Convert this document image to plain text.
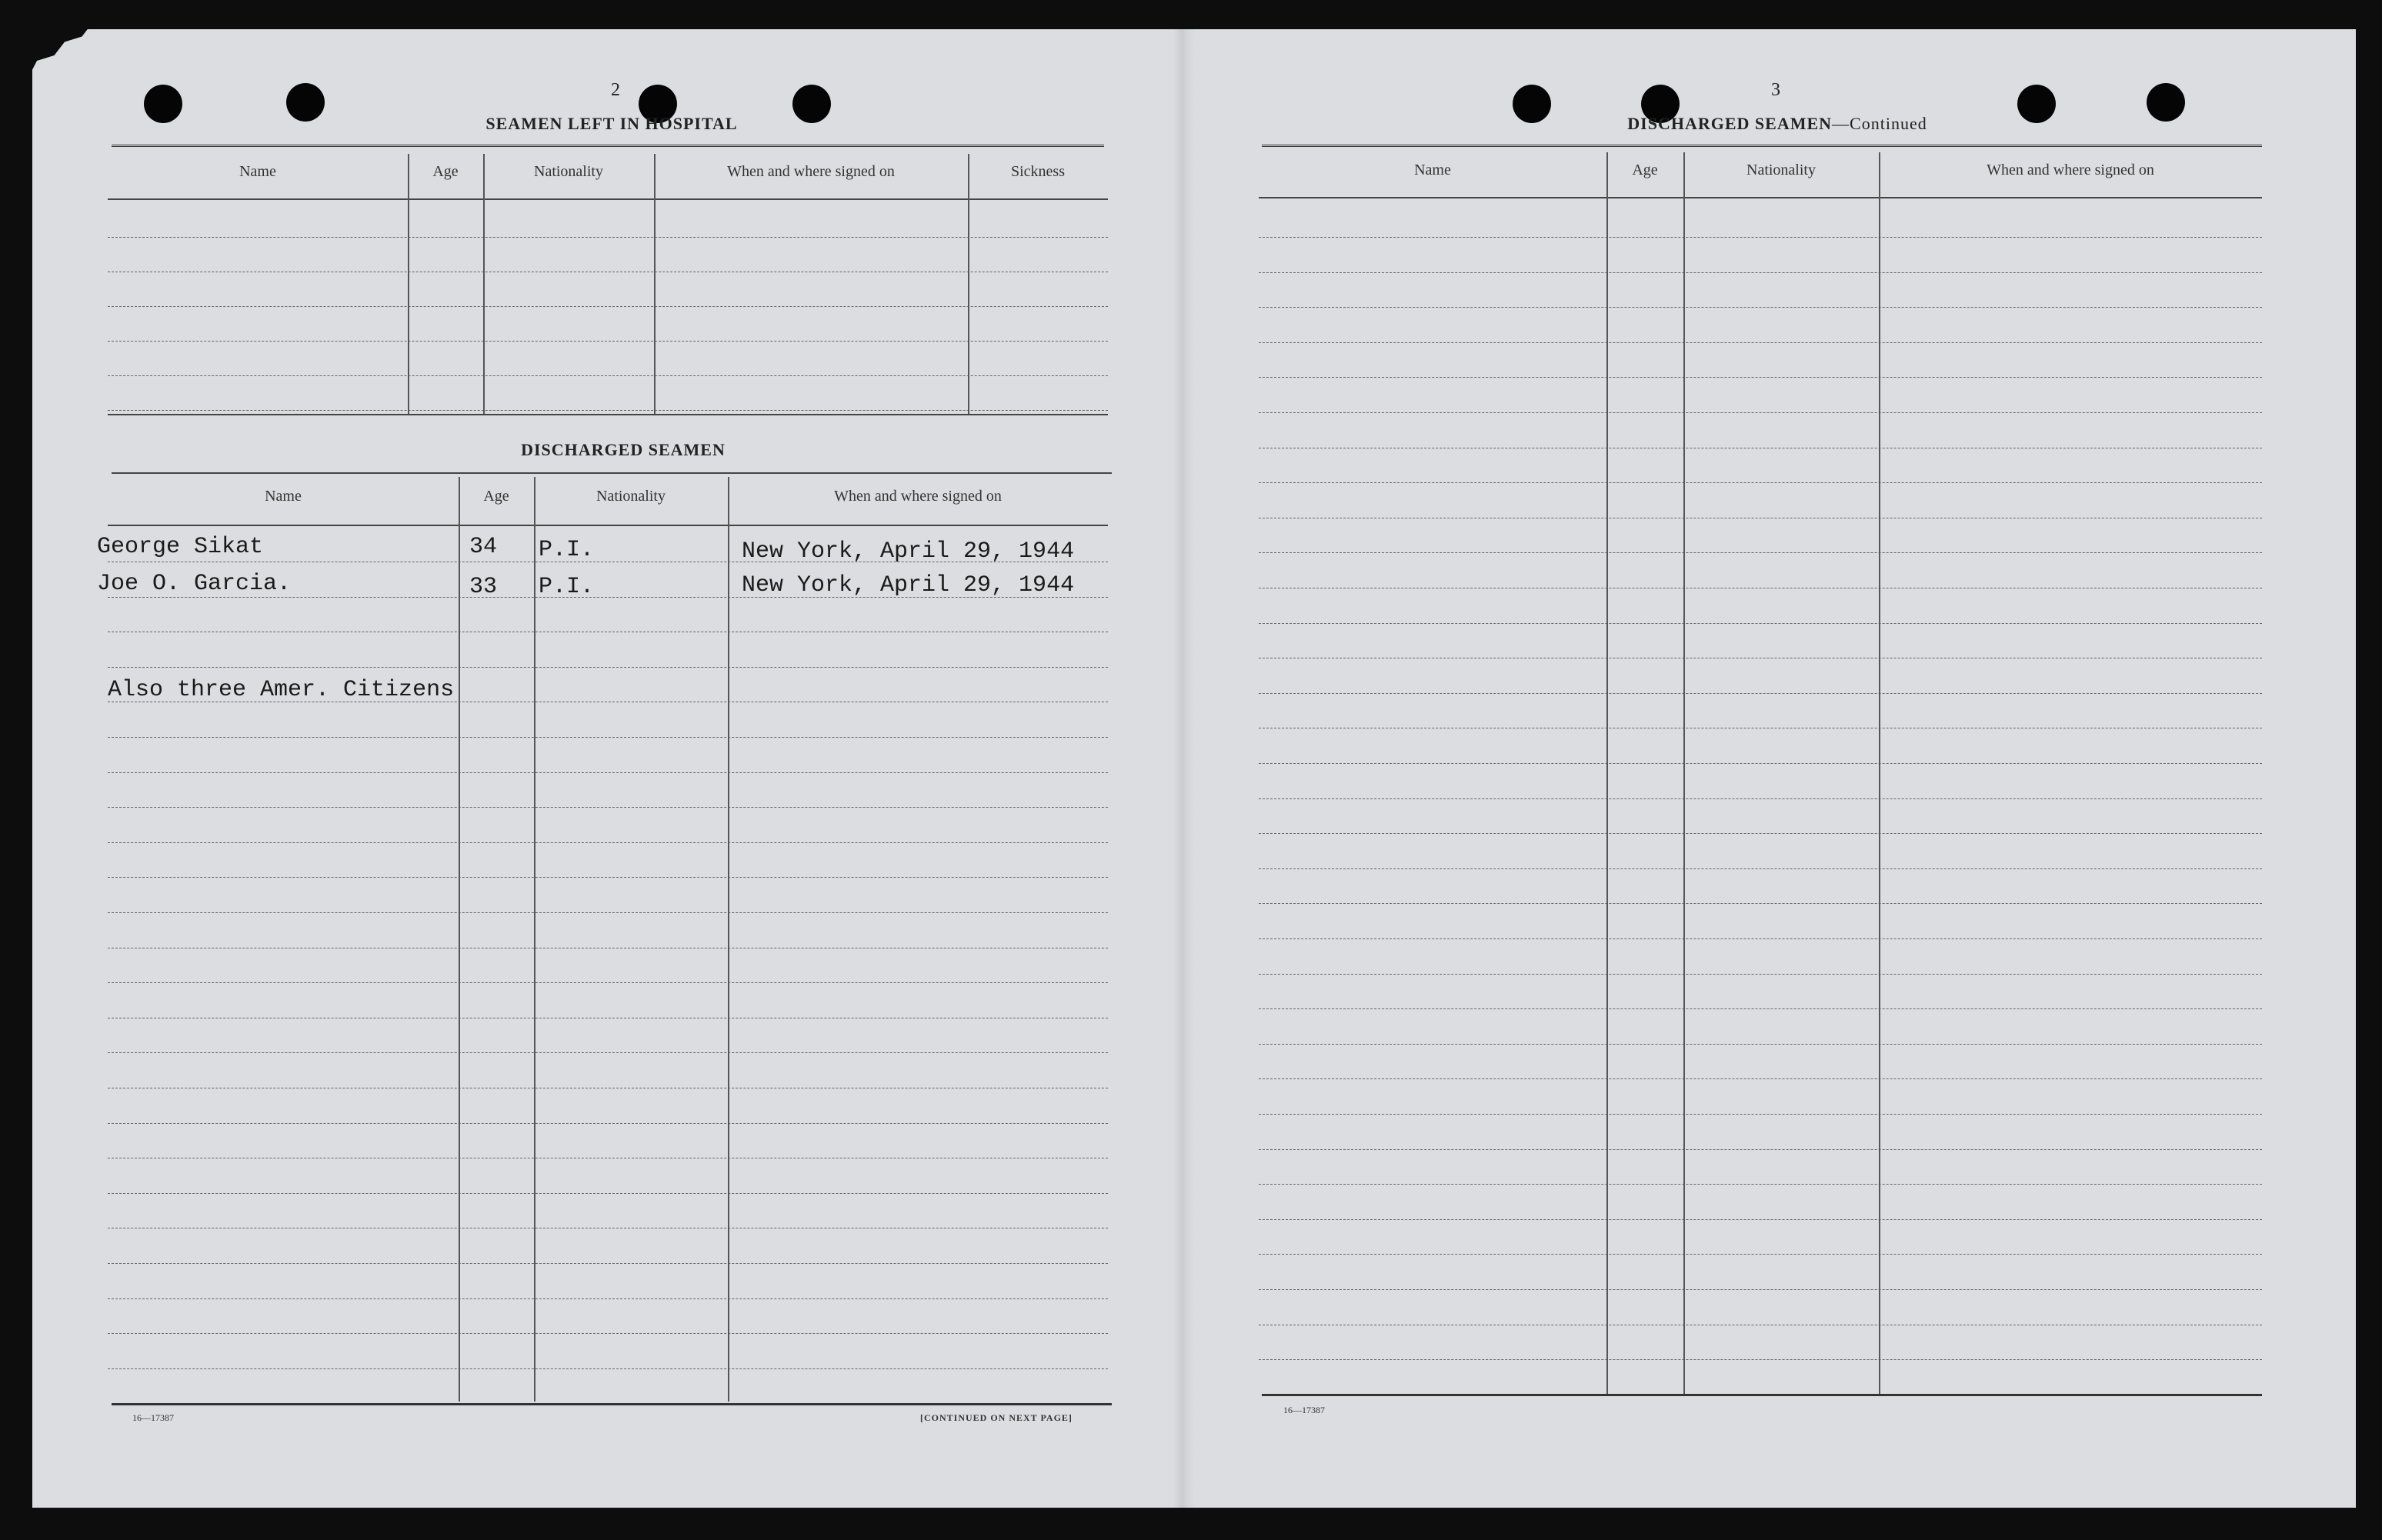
2
SEAMEN LEFT IN HOSPITAL
Name	Age	Nationality	When and where signed on	Sickness
DISCHARGED SEAMEN
Name	Age	Nationality	When and where signed on
George Sikat	34 P.I.	New York, April 29, 1944
Joe O. Garcia.	33 P.I.	New York, April 29, 1944
Also three Amer. Citizens
16—17387	[CONTINUED ON NEXT PAGE]
3
DISCHARGED SEAMEN—Continued
Name	Age	Nationality	When and where signed on
16—17387
